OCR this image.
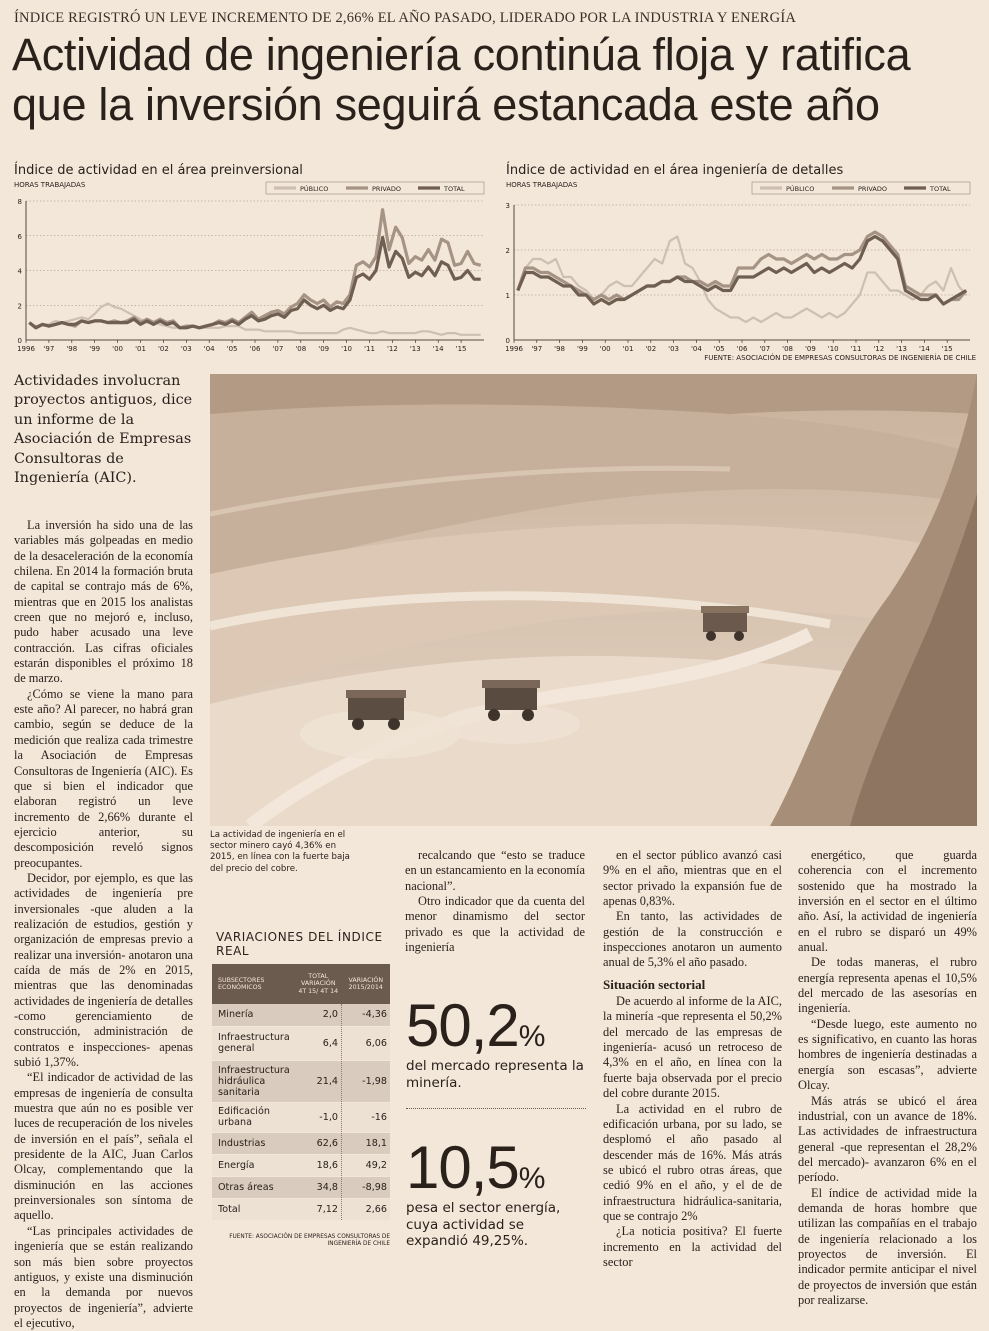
ÍNDICE REGISTRÓ UN LEVE INCREMENTO DE 2,66% EL AÑO PASADO, LIDERADO POR LA INDUSTRIA Y ENERGÍA
Actividad de ingeniería continúa floja y ratifica que la inversión seguirá estancada este año
Índice de actividad en el área preinversional
HORAS TRABAJADAS
0
2
4
6
8
1996 '97 '98 '99 '00 '01 '02 '03 '04 '05 '06 '07 '08 '09 '10 '11 '12 '13 '14 '15
PÚBLICO	PRIVADO	TOTAL
Índice de actividad en el área ingeniería de detalles
HORAS TRABAJADAS
0
1
2
3
1996 '97 '98 '99 '00 '01 '02 '03 '04 '05 '06 '07 '08 '09 '10 '11 '12 '13 '14 '15
PÚBLICO	PRIVADO	TOTAL
FUENTE: ASOCIACIÓN DE EMPRESAS CONSULTORAS DE INGENIERÍA DE CHILE
Actividades involucran proyectos antiguos, dice un informe de la Asociación de Empresas Consultoras de Ingeniería (AIC).

La inversión ha sido una de las variables más golpeadas en medio de la desaceleración de la economía chilena. En 2014 la formación bruta de capital se contrajo más de 6%, mientras que en 2015 los analistas creen que no mejoró e, incluso, pudo haber acusado una leve contracción. Las cifras oficiales estarán disponibles el próximo 18 de marzo.

¿Cómo se viene la mano para este año? Al parecer, no habrá gran cambio, según se deduce de la medición que realiza cada trimestre la Asociación de Empresas Consultoras de Ingeniería (AIC). Es que si bien el indicador que elaboran registró un leve incremento de 2,66% durante el ejercicio anterior, su descomposición reveló signos preocupantes.

Decidor, por ejemplo, es que las actividades de ingeniería pre inversionales -que aluden a la realización de estudios, gestión y organización de empresas previo a realizar una inversión- anotaron una caída de más de 2% en 2015, mientras que las denominadas actividades de ingeniería de detalles -como gerenciamiento de construcción, administración de contratos e inspecciones- apenas subió 1,37%.

“El indicador de actividad de las empresas de ingeniería de consulta muestra que aún no es posible ver luces de recuperación de los niveles de inversión en el país”, señala el presidente de la AIC, Juan Carlos Olcay, complementando que la disminución en las acciones preinversionales son síntoma de aquello.

“Las principales actividades de ingeniería que se están realizando son más bien sobre proyectos antiguos, y existe una disminución en la demanda por nuevos proyectos de ingeniería”, advierte el ejecutivo,

La actividad de ingeniería en el sector minero cayó 4,36% en 2015, en línea con la fuerte baja del precio del cobre.
VARIACIONES DEL ÍNDICE REAL
SUBSECTORES ECONÓMICOS	TOTAL VARIACIÓN 4T 15/ 4T 14	VARIACIÓN 2015/2014
Minería	2,0	-4,36
Infraestructura general	6,4	6,06
Infraestructura hidráulica sanitaria	21,4	-1,98
Edificación urbana	-1,0	-16
Industrias	62,6	18,1
Energía	18,6	49,2
Otras áreas	34,8	-8,98
Total	7,12	2,66
FUENTE: ASOCIACIÓN DE EMPRESAS CONSULTORAS DE INGENIERÍA DE CHILE

recalcando que “esto se traduce en un estancamiento en la economía nacional”.

Otro indicador que da cuenta del menor dinamismo del sector privado es que la actividad de ingeniería

50,2%
del mercado representa la minería.
10,5%
pesa el sector energía, cuya actividad se expandió 49,25%.

en el sector público avanzó casi 9% en el año, mientras que en el sector privado la expansión fue de apenas 0,83%.

En tanto, las actividades de gestión de la construcción e inspecciones anotaron un aumento anual de 5,3% el año pasado.

Situación sectorial

De acuerdo al informe de la AIC, la minería -que representa el 50,2% del mercado de las empresas de ingeniería- acusó un retroceso de 4,3% en el año, en línea con la fuerte baja observada por el precio del cobre durante 2015.

La actividad en el rubro de edificación urbana, por su lado, se desplomó el año pasado al descender más de 16%. Más atrás se ubicó el rubro otras áreas, que cedió 9% en el año, y el de de infraestructura hidráulica-sanitaria, que se contrajo 2%

¿La noticia positiva? El fuerte incremento en la actividad del sector

energético, que guarda coherencia con el incremento sostenido que ha mostrado la inversión en el sector en el último año. Así, la actividad de ingeniería en el rubro se disparó un 49% anual.

De todas maneras, el rubro energía representa apenas el 10,5% del mercado de las asesorías en ingeniería.

“Desde luego, este aumento no es significativo, en cuanto las horas hombres de ingeniería destinadas a energía son escasas”, advierte Olcay.

Más atrás se ubicó el área industrial, con un avance de 18%. Las actividades de infraestructura general -que representan el 28,2% del mercado)- avanzaron 6% en el período.

El índice de actividad mide la demanda de horas hombre que utilizan las compañías en el trabajo de ingeniería relacionado a los proyectos de inversión. El indicador permite anticipar el nivel de proyectos de inversión que están por realizarse.
